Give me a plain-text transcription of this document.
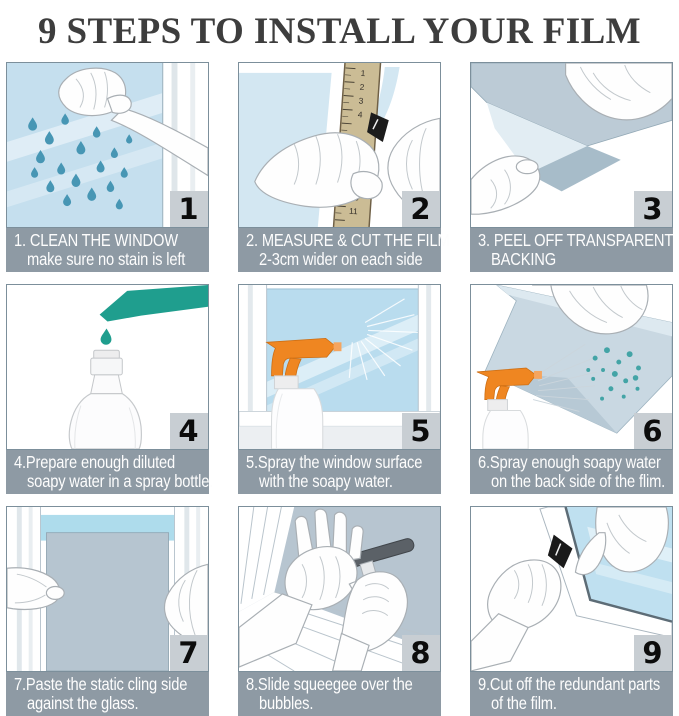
9 STEPS TO INSTALL YOUR FILM
1
1. CLEAN THE WINDOW
make sure no stain is left
1
2
3
4
11	2
2. MEASURE & CUT THE FILM
2-3cm wider on each side
3
3. PEEL OFF TRANSPARENT
BACKING
4
4.Prepare enough diluted
soapy water in a spray bottle.
5
5.Spray the window surface
with the soapy water.
6
6.Spray enough soapy water
on the back side of the flim.
7
7.Paste the static cling side
against the glass.
8
8.Slide squeegee over the
bubbles.
9
9.Cut off the redundant parts
of the film.
